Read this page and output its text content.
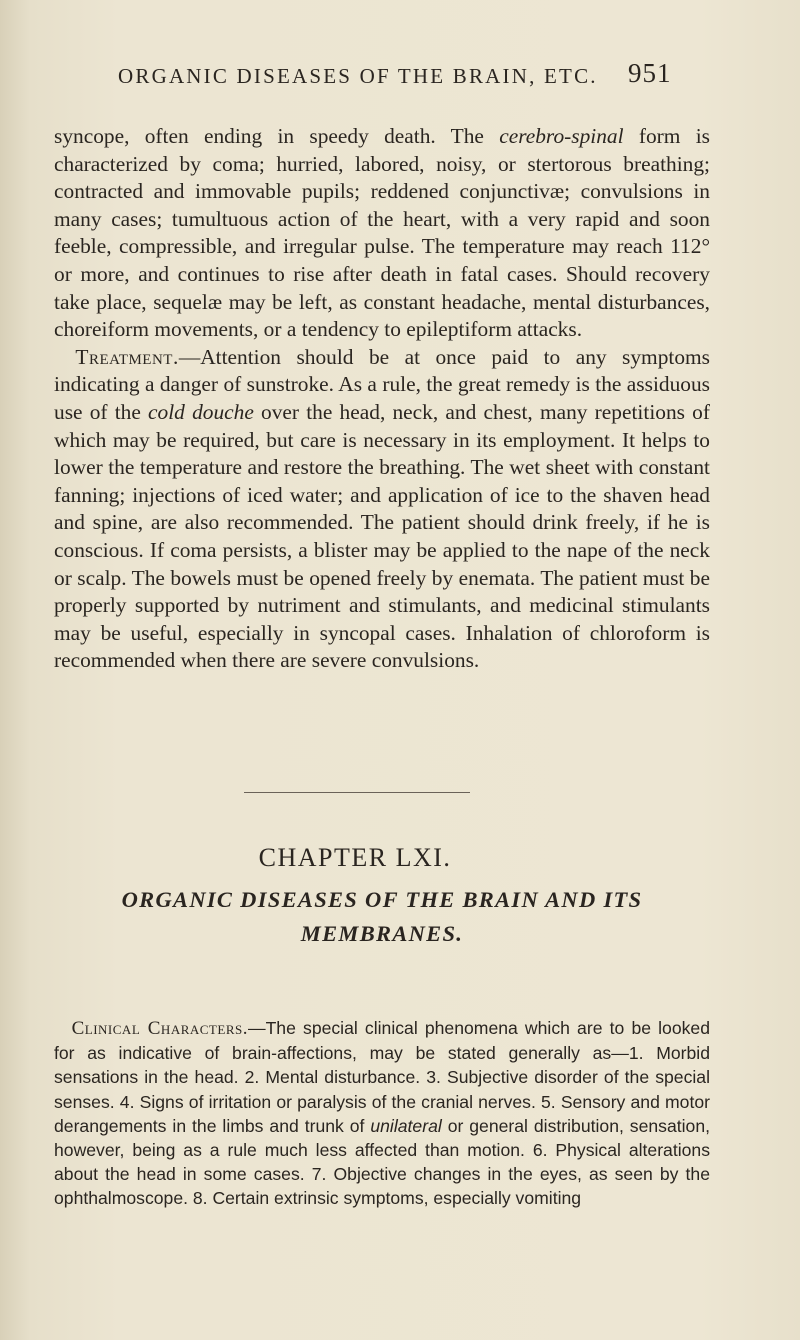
ORGANIC DISEASES OF THE BRAIN, ETC. 951

syncope, often ending in speedy death. The cerebro-spinal form is characterized by coma; hurried, labored, noisy, or stertorous breathing; contracted and immovable pupils; reddened conjunctivæ; convulsions in many cases; tumultuous action of the heart, with a very rapid and soon feeble, compressible, and irregular pulse. The temperature may reach 112° or more, and continues to rise after death in fatal cases. Should recovery take place, sequelæ may be left, as constant headache, mental disturbances, choreiform movements, or a tendency to epileptiform attacks.

 Treatment.—Attention should be at once paid to any symptoms indicating a danger of sunstroke. As a rule, the great remedy is the assiduous use of the cold douche over the head, neck, and chest, many repetitions of which may be required, but care is necessary in its employment. It helps to lower the temperature and restore the breathing. The wet sheet with constant fanning; injections of iced water; and application of ice to the shaven head and spine, are also recommended. The patient should drink freely, if he is conscious. If coma persists, a blister may be applied to the nape of the neck or scalp. The bowels must be opened freely by enemata. The patient must be properly supported by nutriment and stimulants, and medicinal stimulants may be useful, especially in syncopal cases. Inhalation of chloroform is recommended when there are severe convulsions.

CHAPTER LXI.
ORGANIC DISEASES OF THE BRAIN AND ITS MEMBRANES.

 Clinical Characters.—The special clinical phenomena which are to be looked for as indicative of brain-affections, may be stated generally as—1. Morbid sensations in the head. 2. Mental disturbance. 3. Subjective disorder of the special senses. 4. Signs of irritation or paralysis of the cranial nerves. 5. Sensory and motor derangements in the limbs and trunk of unilateral or general distribution, sensation, however, being as a rule much less affected than motion. 6. Physical alterations about the head in some cases. 7. Objective changes in the eyes, as seen by the ophthalmoscope. 8. Certain extrinsic symptoms, especially vomiting
